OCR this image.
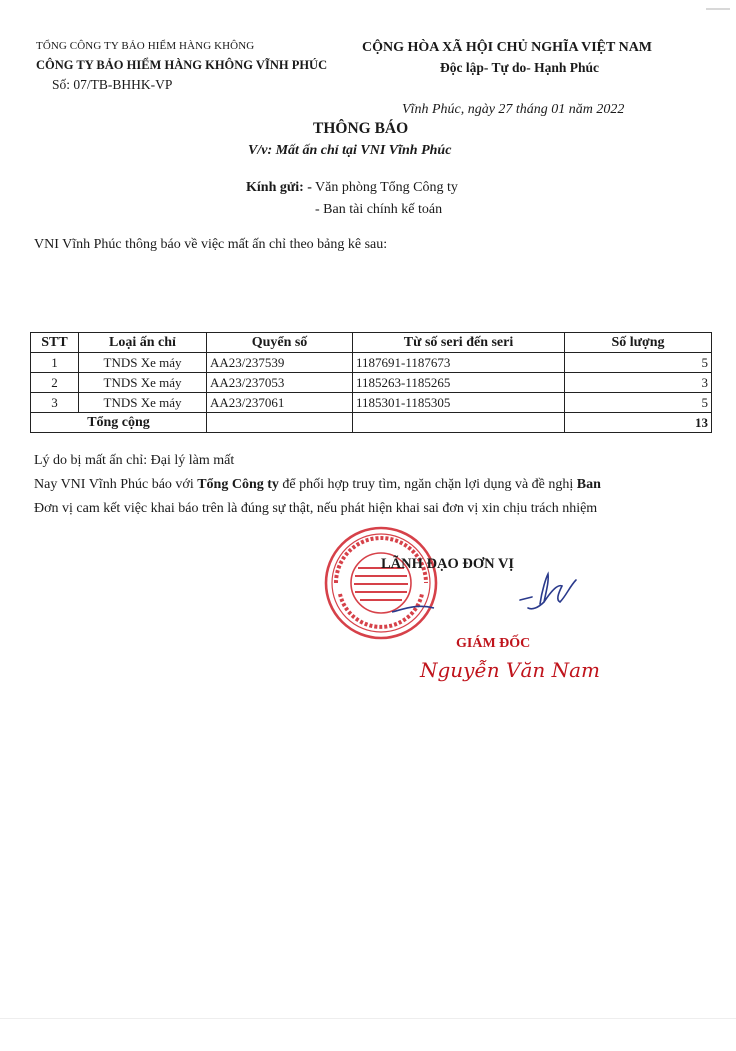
TỔNG CÔNG TY BẢO HIỂM HÀNG KHÔNG
CÔNG TY BẢO HIỂM HÀNG KHÔNG VĨNH PHÚC
Số: 07/TB-BHHK-VP
CỘNG HÒA XÃ HỘI CHỦ NGHĨA VIỆT NAM
Độc lập- Tự do- Hạnh Phúc
Vĩnh Phúc, ngày 27 tháng 01 năm 2022
THÔNG BÁO
V/v: Mất ấn chỉ tại VNI Vĩnh Phúc
Kính gửi: - Văn phòng Tổng Công ty
- Ban tài chính kế toán
VNI Vĩnh Phúc thông báo về việc mất ấn chỉ theo bảng kê sau:
STT	Loại ấn chỉ	Quyển số	Từ số seri đến seri	Số lượng
1	TNDS Xe máy	AA23/237539	1187691-1187673	5
2	TNDS Xe máy	AA23/237053	1185263-1185265	3
3	TNDS Xe máy	AA23/237061	1185301-1185305	5
Tổng cộng				13
Lý do bị mất ấn chỉ: Đại lý làm mất
Nay VNI Vĩnh Phúc báo với Tổng Công ty để phối hợp truy tìm, ngăn chặn lợi dụng và đề nghị Ban
Đơn vị cam kết việc khai báo trên là đúng sự thật, nếu phát hiện khai sai đơn vị xin chịu trách nhiệm
LÃNH ĐẠO ĐƠN VỊ
GIÁM ĐỐC
Nguyễn Văn Nam
